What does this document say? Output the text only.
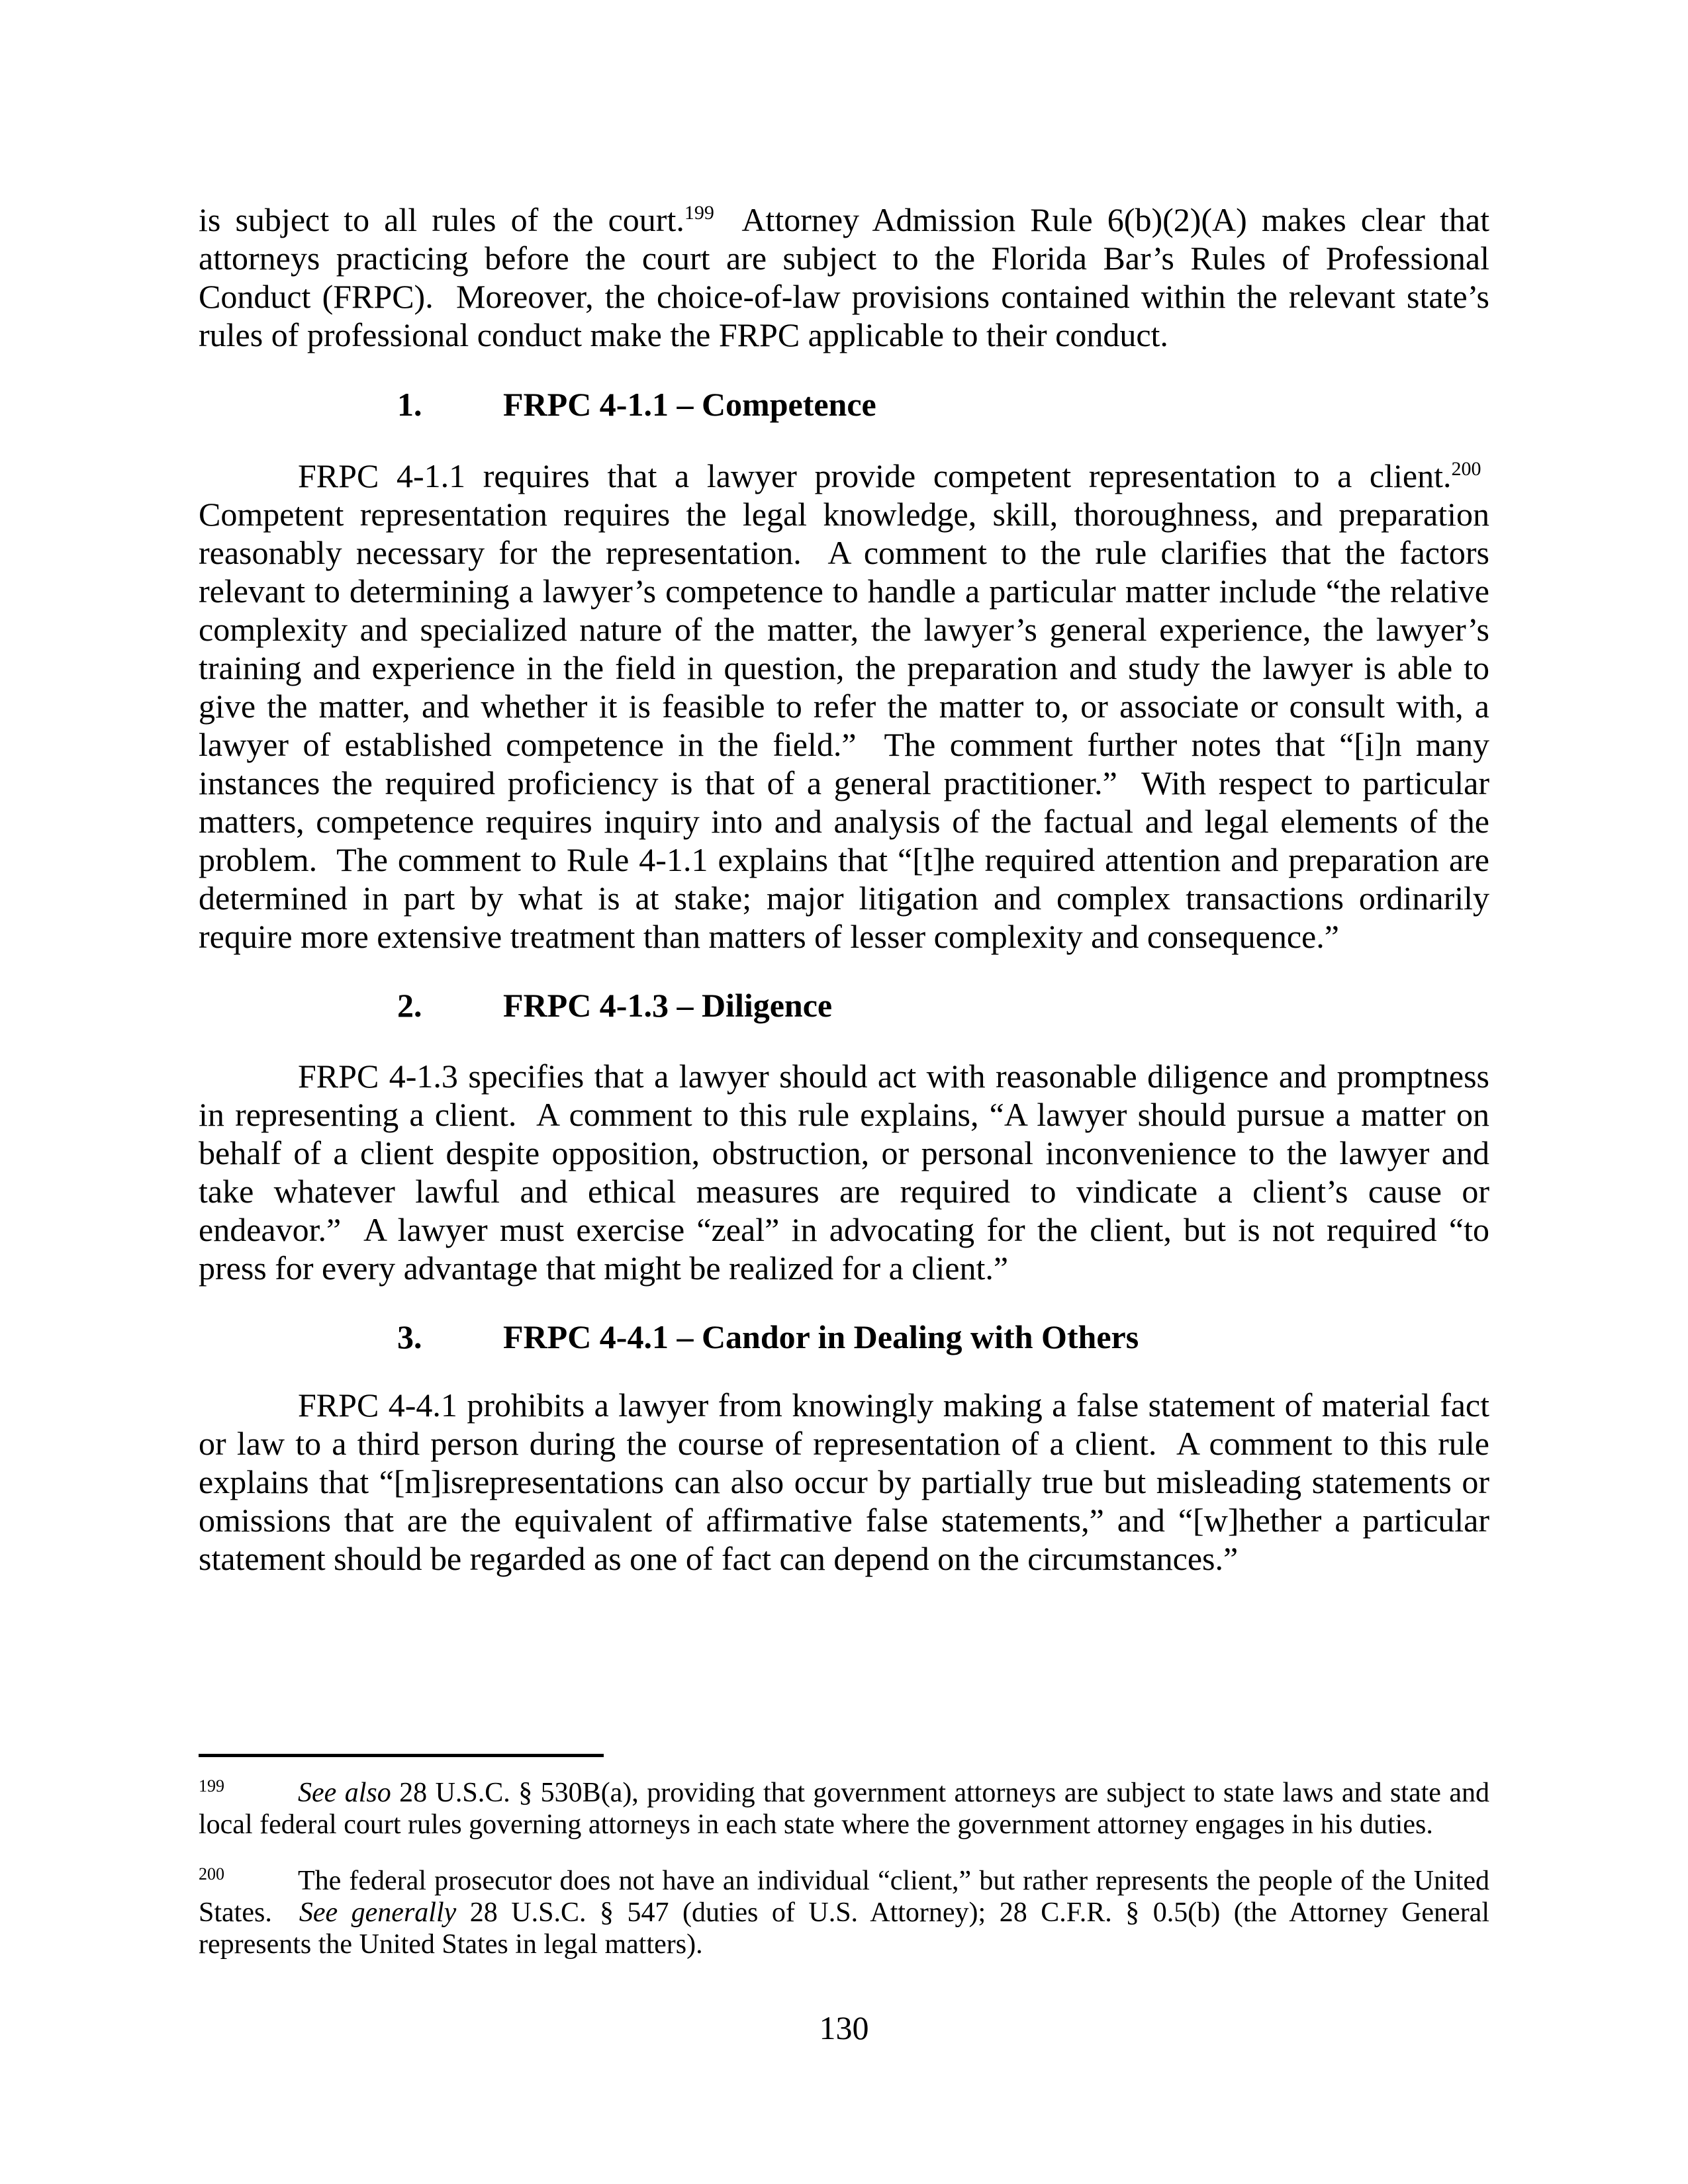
is subject to all rules of the court.$^{199}$  Attorney Admission Rule 6(b)(2)(A) makes clear that attorneys practicing before the court are subject to the Florida Bar’s Rules of Professional Conduct (FRPC).  Moreover, the choice-of-law provisions contained within the relevant state’s rules of professional conduct make the FRPC applicable to their conduct.

1. FRPC 4-1.1 – Competence

FRPC 4-1.1 requires that a lawyer provide competent representation to a client.$^{200}$  Competent representation requires the legal knowledge, skill, thoroughness, and preparation reasonably necessary for the representation.  A comment to the rule clarifies that the factors relevant to determining a lawyer’s competence to handle a particular matter include “the relative complexity and specialized nature of the matter, the lawyer’s general experience, the lawyer’s training and experience in the field in question, the preparation and study the lawyer is able to give the matter, and whether it is feasible to refer the matter to, or associate or consult with, a lawyer of established competence in the field.”  The comment further notes that “[i]n many instances the required proficiency is that of a general practitioner.”  With respect to particular matters, competence requires inquiry into and analysis of the factual and legal elements of the problem.  The comment to Rule 4-1.1 explains that “[t]he required attention and preparation are determined in part by what is at stake; major litigation and complex transactions ordinarily require more extensive treatment than matters of lesser complexity and consequence.”

2. FRPC 4-1.3 – Diligence

FRPC 4-1.3 specifies that a lawyer should act with reasonable diligence and promptness in representing a client.  A comment to this rule explains, “A lawyer should pursue a matter on behalf of a client despite opposition, obstruction, or personal inconvenience to the lawyer and take whatever lawful and ethical measures are required to vindicate a client’s cause or endeavor.”  A lawyer must exercise “zeal” in advocating for the client, but is not required “to press for every advantage that might be realized for a client.”

3. FRPC 4-4.1 – Candor in Dealing with Others

FRPC 4-4.1 prohibits a lawyer from knowingly making a false statement of material fact or law to a third person during the course of representation of a client.  A comment to this rule explains that “[m]isrepresentations can also occur by partially true but misleading statements or omissions that are the equivalent of affirmative false statements,” and “[w]hether a particular statement should be regarded as one of fact can depend on the circumstances.”

$^{199}$	See also 28 U.S.C. § 530B(a), providing that government attorneys are subject to state laws and state and local federal court rules governing attorneys in each state where the government attorney engages in his duties.

$^{200}$	The federal prosecutor does not have an individual “client,” but rather represents the people of the United States.  See generally 28 U.S.C. § 547 (duties of U.S. Attorney); 28 C.F.R. § 0.5(b) (the Attorney General represents the United States in legal matters).

130
